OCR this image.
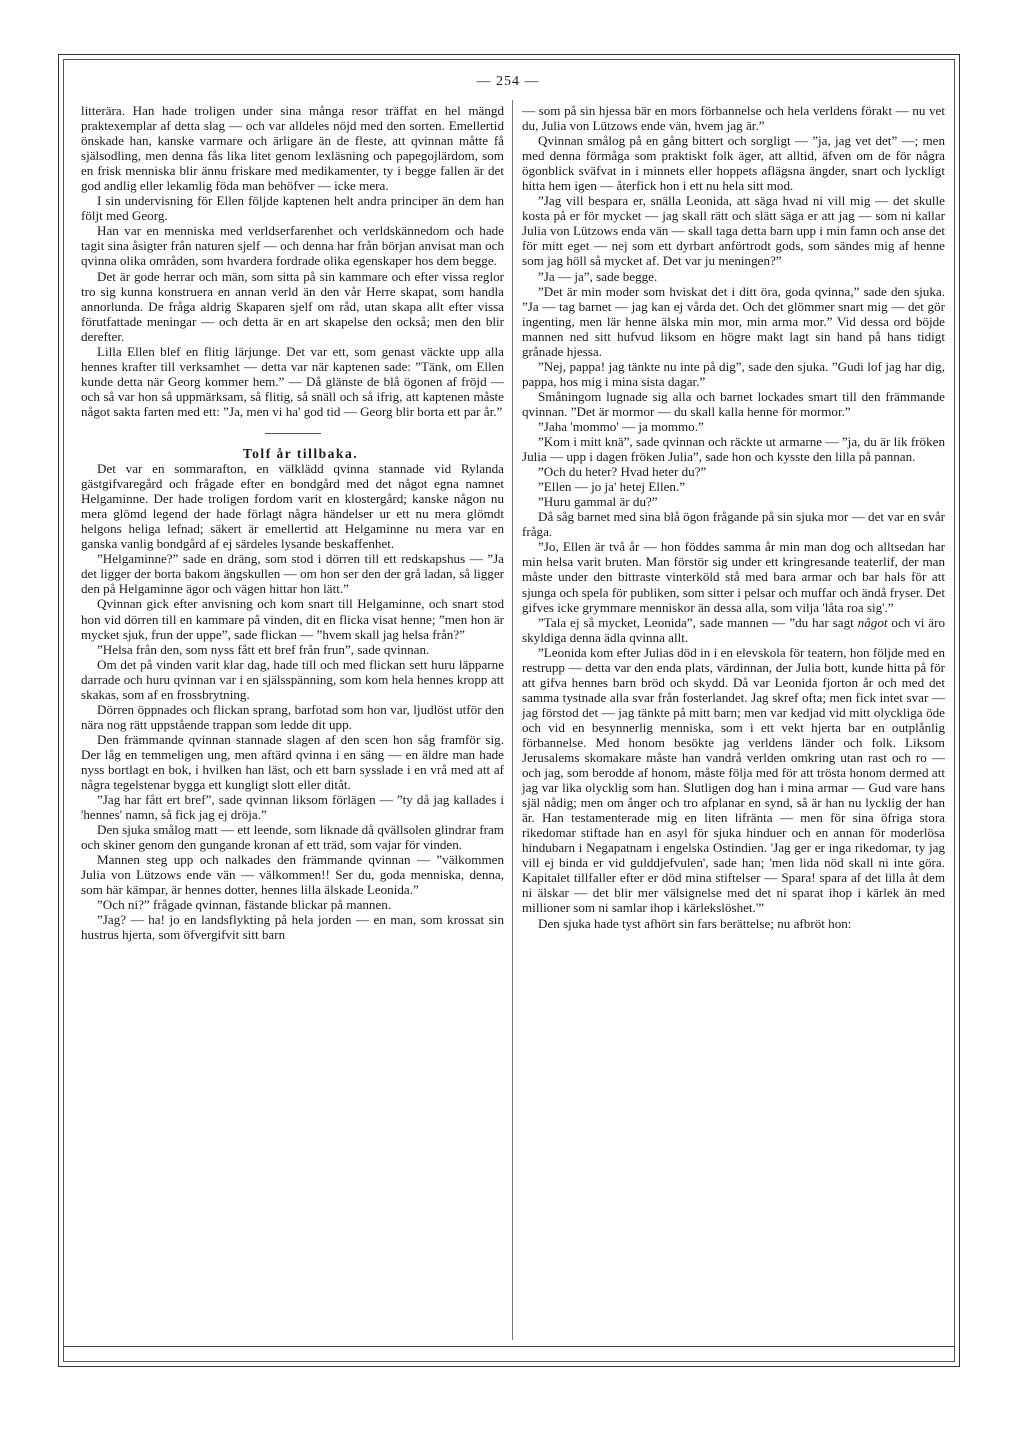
— 254 —

litterära. Han hade troligen under sina många resor träffat en hel mängd praktexemplar af detta slag — och var alldeles nöjd med den sorten. Emellertid önskade han, kanske varmare och ärligare än de fleste, att qvinnan måtte få själsodling, men denna fås lika litet genom lexläsning och papegojlärdom, som en frisk menniska blir ännu friskare med medikamenter, ty i begge fallen är det god andlig eller lekamlig föda man behöfver — icke mera.

I sin undervisning för Ellen följde kaptenen helt andra principer än dem han följt med Georg.

Han var en menniska med verldserfarenhet och verldskännedom och hade tagit sina åsigter från naturen sjelf — och denna har från början anvisat man och qvinna olika områden, som hvardera fordrade olika egenskaper hos dem begge.

Det är gode herrar och män, som sitta på sin kammare och efter vissa reglor tro sig kunna konstruera en annan verld än den vår Herre skapat, som handla annorlunda. De fråga aldrig Skaparen sjelf om råd, utan skapa allt efter vissa förutfattade meningar — och detta är en art skapelse den också; men den blir derefter.

Lilla Ellen blef en flitig lärjunge. Det var ett, som genast väckte upp alla hennes krafter till verksamhet — detta var när kaptenen sade: ”Tänk, om Ellen kunde detta när Georg kommer hem.” — Då glänste de blå ögonen af fröjd — och så var hon så uppmärksam, så flitig, så snäll och så ifrig, att kaptenen måste något sakta farten med ett: ”Ja, men vi ha' god tid — Georg blir borta ett par år.”

Tolf år tillbaka.

Det var en sommarafton, en välklädd qvinna stannade vid Rylanda gästgifvaregård och frågade efter en bondgård med det något egna namnet Helgaminne. Der hade troligen fordom varit en klostergård; kanske någon nu mera glömd legend der hade förlagt några händelser ur ett nu mera glömdt helgons heliga lefnad; säkert är emellertid att Helgaminne nu mera var en ganska vanlig bondgård af ej särdeles lysande beskaffenhet.

”Helgaminne?” sade en dräng, som stod i dörren till ett redskapshus — ”Ja det ligger der borta bakom ängskullen — om hon ser den der grå ladan, så ligger den på Helgaminne ägor och vägen hittar hon lätt.”

Qvinnan gick efter anvisning och kom snart till Helgaminne, och snart stod hon vid dörren till en kammare på vinden, dit en flicka visat henne; ”men hon är mycket sjuk, frun der uppe”, sade flickan — ”hvem skall jag helsa från?”

”Helsa från den, som nyss fått ett bref från frun”, sade qvinnan.

Om det på vinden varit klar dag, hade till och med flickan sett huru läpparne darrade och huru qvinnan var i en själsspänning, som kom hela hennes kropp att skakas, som af en frossbrytning.

Dörren öppnades och flickan sprang, barfotad som hon var, ljudlöst utför den nära nog rätt uppstående trappan som ledde dit upp.

Den främmande qvinnan stannade slagen af den scen hon såg framför sig. Der låg en temmeligen ung, men aftärd qvinna i en säng — en äldre man hade nyss bortlagt en bok, i hvilken han läst, och ett barn sysslade i en vrå med att af några tegelstenar bygga ett kungligt slott eller ditåt.

”Jag har fått ert bref”, sade qvinnan liksom förlägen — ”ty då jag kallades i 'hennes' namn, så fick jag ej dröja.”

Den sjuka smålog matt — ett leende, som liknade då qvällsolen glindrar fram och skiner genom den gungande kronan af ett träd, som vajar för vinden.

Mannen steg upp och nalkades den främmande qvinnan — ”välkommen Julia von Lützows ende vän — välkommen!! Ser du, goda menniska, denna, som här kämpar, är hennes dotter, hennes lilla älskade Leonida.”

”Och ni?” frågade qvinnan, fästande blickar på mannen.

”Jag? — ha! jo en landsflykting på hela jorden — en man, som krossat sin hustrus hjerta, som öfvergifvit sitt barn

— som på sin hjessa bär en mors förbannelse och hela verldens förakt — nu vet du, Julia von Lützows ende vän, hvem jag är.”

Qvinnan smålog på en gång bittert och sorgligt — ”ja, jag vet det” —; men med denna förmåga som praktiskt folk äger, att alltid, äfven om de för några ögonblick sväfvat in i minnets eller hoppets aflägsna ängder, snart och lyckligt hitta hem igen — återfick hon i ett nu hela sitt mod.

”Jag vill bespara er, snälla Leonida, att säga hvad ni vill mig — det skulle kosta på er för mycket — jag skall rätt och slätt säga er att jag — som ni kallar Julia von Lützows enda vän — skall taga detta barn upp i min famn och anse det för mitt eget — nej som ett dyrbart anförtrodt gods, som sändes mig af henne som jag höll så mycket af. Det var ju meningen?”

”Ja — ja”, sade begge.

”Det är min moder som hviskat det i ditt öra, goda qvinna,” sade den sjuka. ”Ja — tag barnet — jag kan ej vårda det. Och det glömmer snart mig — det gör ingenting, men lär henne älska min mor, min arma mor.” Vid dessa ord böjde mannen ned sitt hufvud liksom en högre makt lagt sin hand på hans tidigt grånade hjessa.

”Nej, pappa! jag tänkte nu inte på dig”, sade den sjuka. ”Gudi lof jag har dig, pappa, hos mig i mina sista dagar.”

Småningom lugnade sig alla och barnet lockades smart till den främmande qvinnan. ”Det är mormor — du skall kalla henne för mormor.”

”Jaha 'mommo' — ja mommo.”

”Kom i mitt knä”, sade qvinnan och räckte ut armarne — ”ja, du är lik fröken Julia — upp i dagen fröken Julia”, sade hon och kysste den lilla på pannan.

”Och du heter? Hvad heter du?”

”Ellen — jo ja' hetej Ellen.”

”Huru gammal är du?”

Då såg barnet med sina blå ögon frågande på sin sjuka mor — det var en svår fråga.

”Jo, Ellen är två år — hon föddes samma år min man dog och alltsedan har min helsa varit bruten. Man förstör sig under ett kringresande teaterlif, der man måste under den bittraste vinterköld stå med bara armar och bar hals för att sjunga och spela för publiken, som sitter i pelsar och muffar och ändå fryser. Det gifves icke grymmare menniskor än dessa alla, som vilja 'låta roa sig'.”

”Tala ej så mycket, Leonida”, sade mannen — ”du har sagt något och vi äro skyldiga denna ädla qvinna allt.

”Leonida kom efter Julias död in i en elevskola för teatern, hon följde med en restrupp — detta var den enda plats, värdinnan, der Julia bott, kunde hitta på för att gifva hennes barn bröd och skydd. Då var Leonida fjorton år och med det samma tystnade alla svar från fosterlandet. Jag skref ofta; men fick intet svar — jag förstod det — jag tänkte på mitt barn; men var kedjad vid mitt olyckliga öde och vid en besynnerlig menniska, som i ett vekt hjerta bar en outplånlig förbannelse. Med honom besökte jag verldens länder och folk. Liksom Jerusalems skomakare måste han vandrå verlden omkring utan rast och ro — och jag, som berodde af honom, måste följa med för att trösta honom dermed att jag var lika olycklig som han. Slutligen dog han i mina armar — Gud vare hans själ nådig; men om ånger och tro afplanar en synd, så är han nu lycklig der han är. Han testamenterade mig en liten lifränta — men för sina öfriga stora rikedomar stiftade han en asyl för sjuka hinduer och en annan för moderlösa hindubarn i Negapatnam i engelska Ostindien. 'Jag ger er inga rikedomar, ty jag vill ej binda er vid gulddjefvulen', sade han; 'men lida nöd skall ni inte göra. Kapitalet tillfaller efter er död mina stiftelser — Spara! spara af det lilla åt dem ni älskar — det blir mer välsignelse med det ni sparat ihop i kärlek än med millioner som ni samlar ihop i kärlekslöshet.'”

Den sjuka hade tyst afhört sin fars berättelse; nu afbröt hon:
